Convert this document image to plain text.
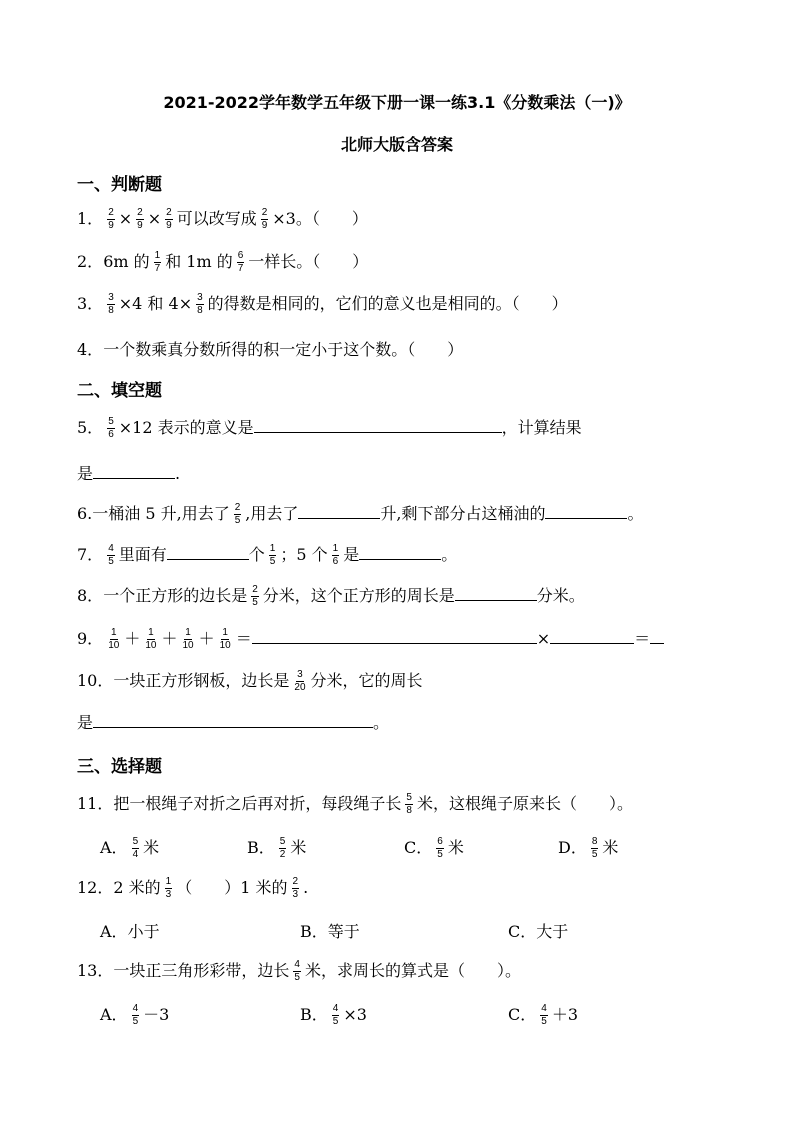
2021-2022学年数学五年级下册一课一练3.1《分数乘法（一)》
北师大版含答案
一、判断题
1． $\frac{2}{9} \times \frac{2}{9} \times \frac{2}{9}$ 可以改写成 $\frac{2}{9} \times 3$。（　　）
2．6m 的 $\frac{1}{7}$ 和 1m 的 $\frac{6}{7}$ 一样长。（　　）
3． $\frac{3}{8} \times 4$ 和 $4\times \frac{3}{8}$ 的得数是相同的，它们的意义也是相同的。（　　）
4．一个数乘真分数所得的积一定小于这个数。（　　）
二、填空题
5． $\frac{5}{6} \times 12$ 表示的意义是	，计算结果
是	.
6.一桶油 5 升,用去了 $\frac{2}{5}$ ,用去了	升,剩下部分占这桶油的	。
7． $\frac{4}{5}$ 里面有	个 $\frac{1}{5}$ ；5 个 $\frac{1}{6}$ 是	。
8．一个正方形的边长是 $\frac{2}{5}$ 分米，这个正方形的周长是	分米。
9． $\frac{1}{10} + \frac{1}{10} + \frac{1}{10} + \frac{1}{10}$ ＝	×	＝
10．一块正方形钢板，边长是 $\frac{3}{20}$ 分米，它的周长
是	。
三、选择题
11．把一根绳子对折之后再对折，每段绳子长 $\frac{5}{8}$ 米，这根绳子原来长（　　）。
A． $\frac{5}{4}$ 米	B． $\frac{5}{2}$ 米	C． $\frac{6}{5}$ 米	D． $\frac{8}{5}$ 米
12．2 米的 $\frac{1}{3}$ （　　）1 米的 $\frac{2}{3}$ .
A．小于	B．等于	C．大于
13．一块正三角形彩带，边长 $\frac{4}{5}$ 米，求周长的算式是（　　）。
A． $\frac{4}{5} -3$	B． $\frac{4}{5} \times 3$	C． $\frac{4}{5} +3$
